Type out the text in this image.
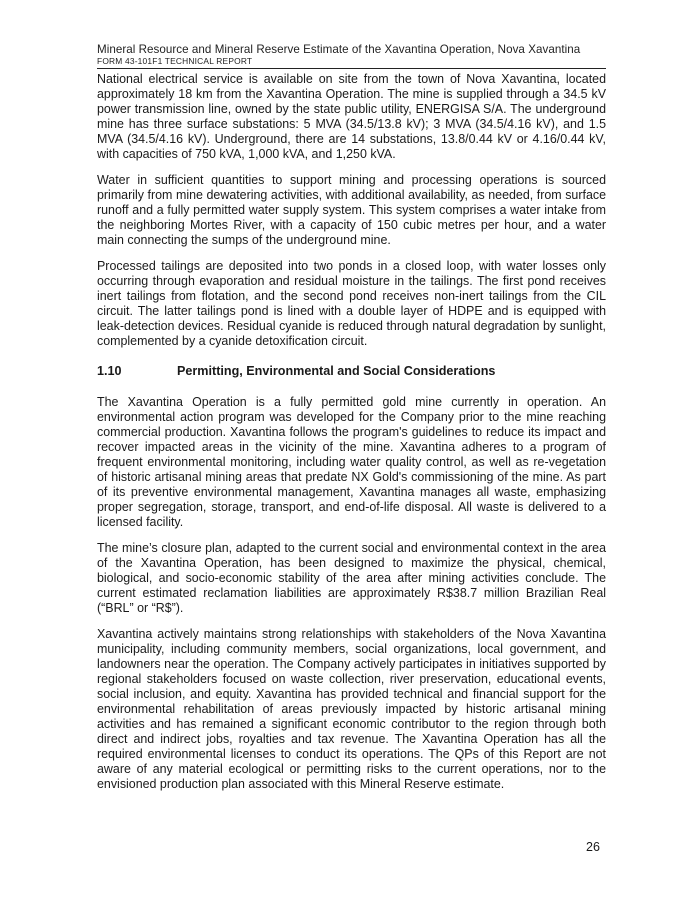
Mineral Resource and Mineral Reserve Estimate of the Xavantina Operation, Nova Xavantina
FORM 43-101F1 TECHNICAL REPORT

National electrical service is available on site from the town of Nova Xavantina, located approximately 18 km from the Xavantina Operation. The mine is supplied through a 34.5 kV power transmission line, owned by the state public utility, ENERGISA S/A. The underground mine has three surface substations: 5 MVA (34.5/13.8 kV); 3 MVA (34.5/4.16 kV), and 1.5 MVA (34.5/4.16 kV). Underground, there are 14 substations, 13.8/0.44 kV or 4.16/0.44 kV, with capacities of 750 kVA, 1,000 kVA, and 1,250 kVA.

Water in sufficient quantities to support mining and processing operations is sourced primarily from mine dewatering activities, with additional availability, as needed, from surface runoff and a fully permitted water supply system. This system comprises a water intake from the neighboring Mortes River, with a capacity of 150 cubic metres per hour, and a water main connecting the sumps of the underground mine.

Processed tailings are deposited into two ponds in a closed loop, with water losses only occurring through evaporation and residual moisture in the tailings. The first pond receives inert tailings from flotation, and the second pond receives non-inert tailings from the CIL circuit. The latter tailings pond is lined with a double layer of HDPE and is equipped with leak-detection devices. Residual cyanide is reduced through natural degradation by sunlight, complemented by a cyanide detoxification circuit.

1.10	Permitting, Environmental and Social Considerations

The Xavantina Operation is a fully permitted gold mine currently in operation. An environmental action program was developed for the Company prior to the mine reaching commercial production. Xavantina follows the program's guidelines to reduce its impact and recover impacted areas in the vicinity of the mine. Xavantina adheres to a program of frequent environmental monitoring, including water quality control, as well as re-vegetation of historic artisanal mining areas that predate NX Gold's commissioning of the mine. As part of its preventive environmental management, Xavantina manages all waste, emphasizing proper segregation, storage, transport, and end-of-life disposal. All waste is delivered to a licensed facility.

The mine’s closure plan, adapted to the current social and environmental context in the area of the Xavantina Operation, has been designed to maximize the physical, chemical, biological, and socio-economic stability of the area after mining activities conclude. The current estimated reclamation liabilities are approximately R$38.7 million Brazilian Real (“BRL” or “R$”).

Xavantina actively maintains strong relationships with stakeholders of the Nova Xavantina municipality, including community members, social organizations, local government, and landowners near the operation. The Company actively participates in initiatives supported by regional stakeholders focused on waste collection, river preservation, educational events, social inclusion, and equity. Xavantina has provided technical and financial support for the environmental rehabilitation of areas previously impacted by historic artisanal mining activities and has remained a significant economic contributor to the region through both direct and indirect jobs, royalties and tax revenue. The Xavantina Operation has all the required environmental licenses to conduct its operations. The QPs of this Report are not aware of any material ecological or permitting risks to the current operations, nor to the envisioned production plan associated with this Mineral Reserve estimate.

26
